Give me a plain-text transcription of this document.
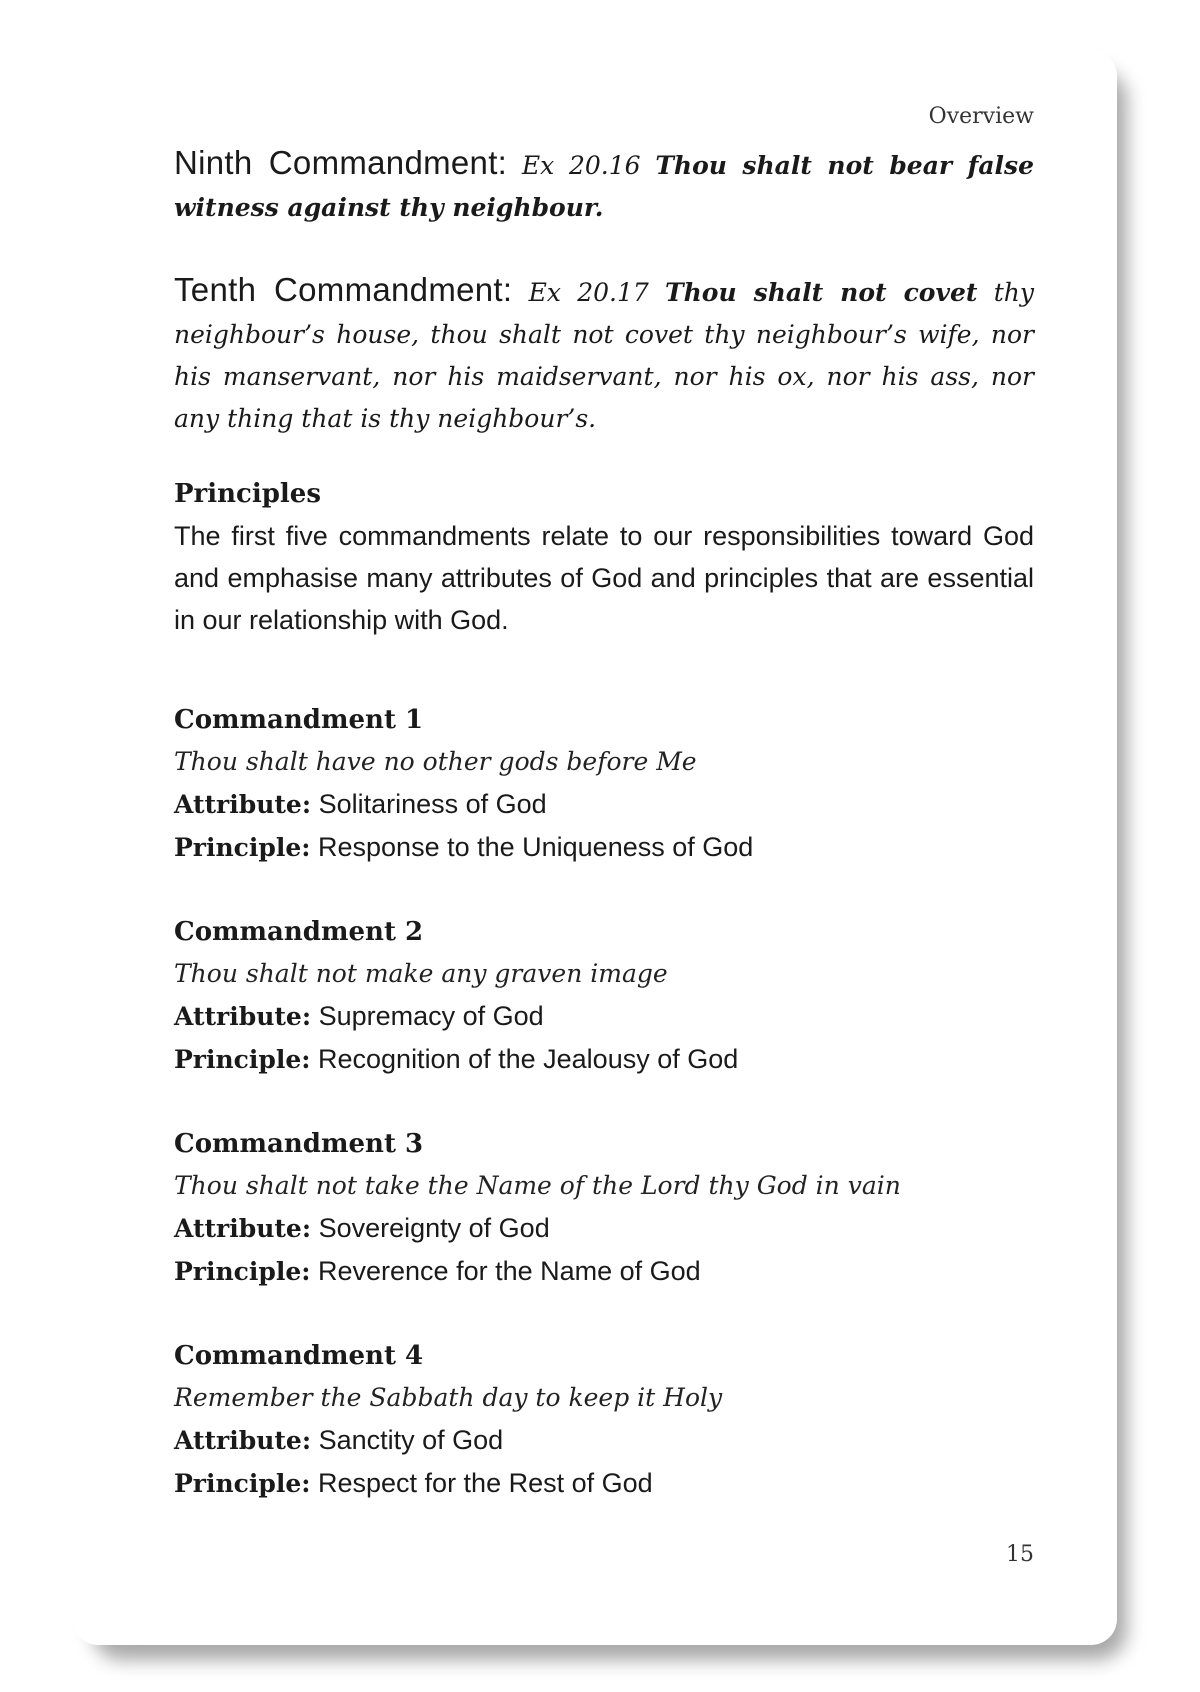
Overview
Ninth Commandment: Ex 20.16 Thou shalt not bear false witness against thy neighbour.
Tenth Commandment: Ex 20.17 Thou shalt not covet thy neighbour’s house, thou shalt not covet thy neighbour’s wife, nor his manservant, nor his maidservant, nor his ox, nor his ass, nor any thing that is thy neighbour’s.
Principles
The first five commandments relate to our responsibilities toward God and emphasise many attributes of God and principles that are essential in our relationship with God.
Commandment 1
Thou shalt have no other gods before Me
Attribute: Solitariness of God
Principle: Response to the Uniqueness of God
Commandment 2
Thou shalt not make any graven image
Attribute: Supremacy of God
Principle: Recognition of the Jealousy of God
Commandment 3
Thou shalt not take the Name of the Lord thy God in vain
Attribute: Sovereignty of God
Principle: Reverence for the Name of God
Commandment 4
Remember the Sabbath day to keep it Holy
Attribute: Sanctity of God
Principle: Respect for the Rest of God
15
